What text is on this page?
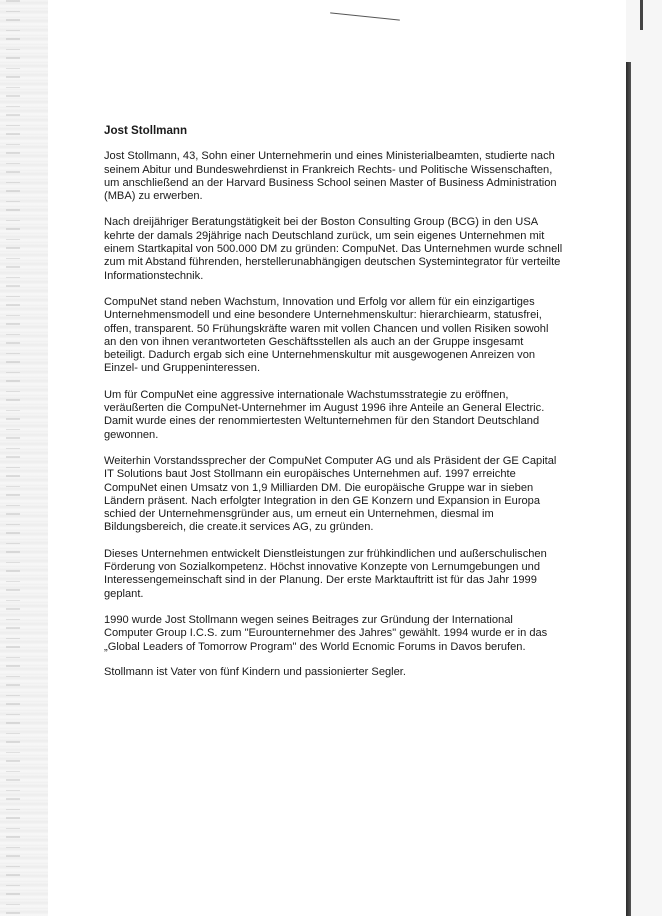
Jost Stollmann

Jost Stollmann, 43, Sohn einer Unternehmerin und eines Ministerialbeamten, studierte nach
seinem Abitur und Bundeswehrdienst in Frankreich Rechts- und Politische Wissenschaften,
um anschließend an der Harvard Business School seinen Master of Business Administration
(MBA) zu erwerben.

Nach dreijähriger Beratungstätigkeit bei der Boston Consulting Group (BCG) in den USA
kehrte der damals 29jährige nach Deutschland zurück, um sein eigenes Unternehmen mit
einem Startkapital von 500.000 DM zu gründen: CompuNet. Das Unternehmen wurde schnell
zum mit Abstand führenden, herstellerunabhängigen deutschen Systemintegrator für verteilte
Informationstechnik.

CompuNet stand neben Wachstum, Innovation und Erfolg vor allem für ein einzigartiges
Unternehmensmodell und eine besondere Unternehmenskultur: hierarchiearm, statusfrei,
offen, transparent. 50 Frühungskräfte waren mit vollen Chancen und vollen Risiken sowohl
an den von ihnen verantworteten Geschäftsstellen als auch an der Gruppe insgesamt
beteiligt. Dadurch ergab sich eine Unternehmenskultur mit ausgewogenen Anreizen von
Einzel- und Gruppeninteressen.

Um für CompuNet eine aggressive internationale Wachstumsstrategie zu eröffnen,
veräußerten die CompuNet-Unternehmer im August 1996 ihre Anteile an General Electric.
Damit wurde eines der renommiertesten Weltunternehmen für den Standort Deutschland
gewonnen.

Weiterhin Vorstandssprecher der CompuNet Computer AG und als Präsident der GE Capital
IT Solutions baut Jost Stollmann ein europäisches Unternehmen auf. 1997 erreichte
CompuNet einen Umsatz von 1,9 Milliarden DM. Die europäische Gruppe war in sieben
Ländern präsent. Nach erfolgter Integration in den GE Konzern und Expansion in Europa
schied der Unternehmensgründer aus, um erneut ein Unternehmen, diesmal im
Bildungsbereich, die create.it services AG, zu gründen.

Dieses Unternehmen entwickelt Dienstleistungen zur frühkindlichen und außerschulischen
Förderung von Sozialkompetenz. Höchst innovative Konzepte von Lernumgebungen und
Interessengemeinschaft sind in der Planung. Der erste Marktauftritt ist für das Jahr 1999
geplant.

1990 wurde Jost Stollmann wegen seines Beitrages zur Gründung der International
Computer Group I.C.S. zum "Eurounternehmer des Jahres" gewählt. 1994 wurde er in das
„Global Leaders of Tomorrow Program" des World Ecnomic Forums in Davos berufen.

Stollmann ist Vater von fünf Kindern und passionierter Segler.
